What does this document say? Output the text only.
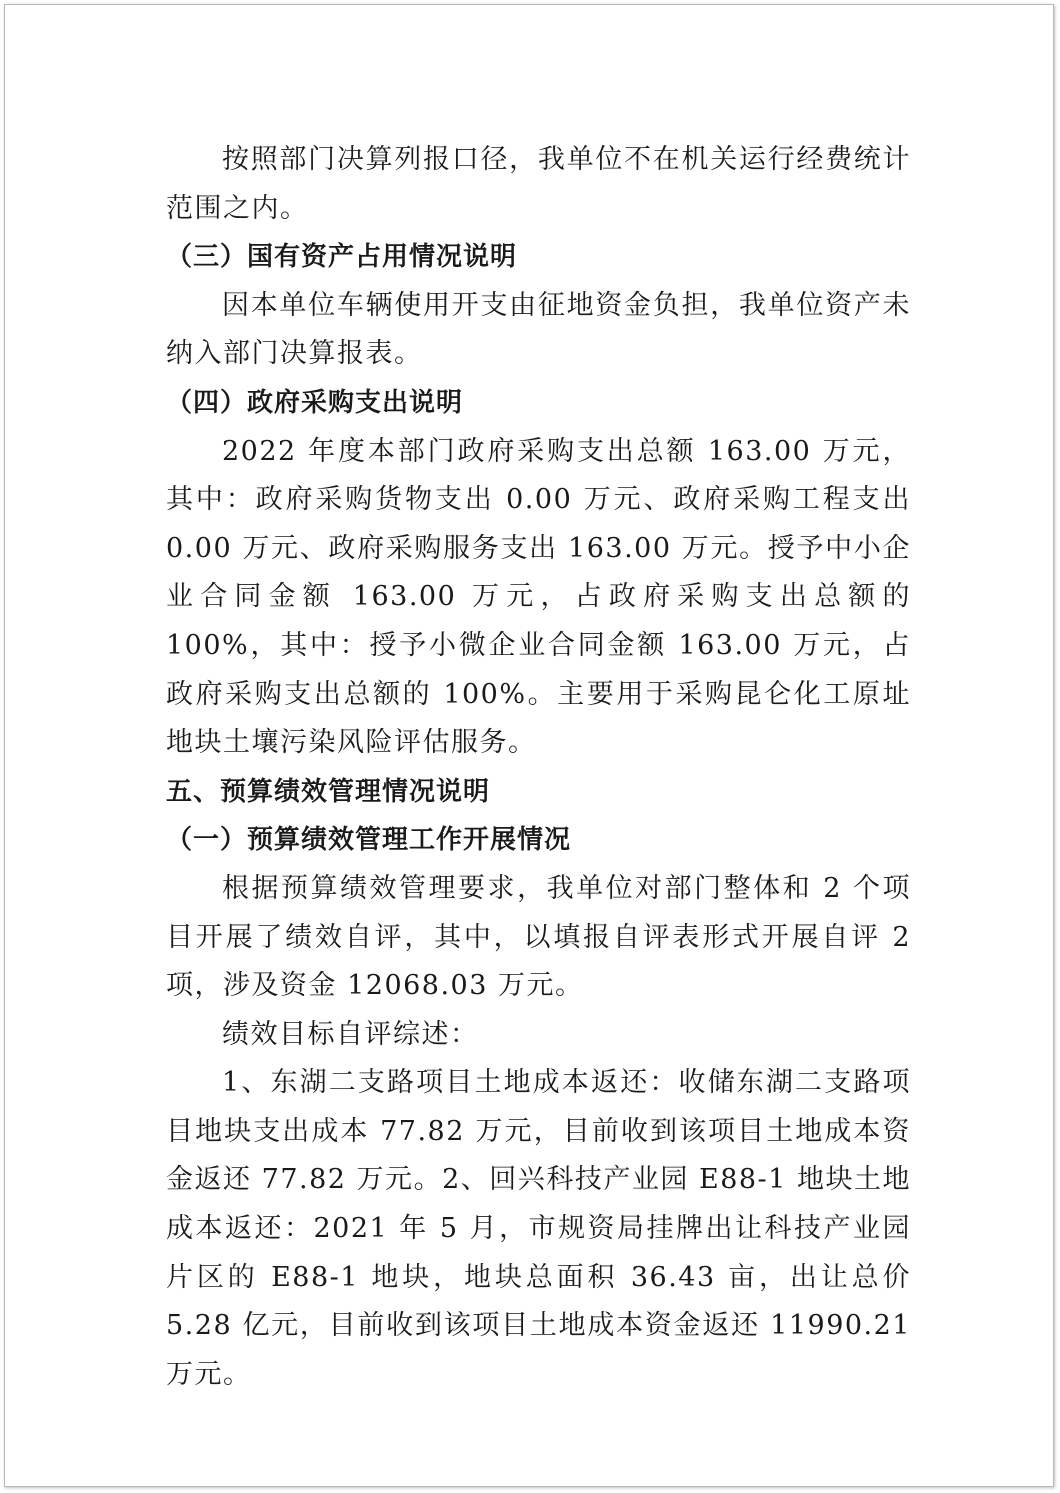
按照部门决算列报口径，我单位不在机关运行经费统计范围之内。

（三）国有资产占用情况说明

因本单位车辆使用开支由征地资金负担，我单位资产未纳入部门决算报表。

（四）政府采购支出说明

2022 年度本部门政府采购支出总额 163.00 万元，其中：政府采购货物支出 0.00 万元、政府采购工程支出 0.00 万元、政府采购服务支出 163.00 万元。授予中小企业合同金额 163.00 万元，占政府采购支出总额的 100%，其中：授予小微企业合同金额 163.00 万元，占政府采购支出总额的 100%。主要用于采购昆仑化工原址地块土壤污染风险评估服务。

五、预算绩效管理情况说明

（一）预算绩效管理工作开展情况

根据预算绩效管理要求，我单位对部门整体和 2 个项目开展了绩效自评，其中，以填报自评表形式开展自评 2 项，涉及资金 12068.03 万元。

绩效目标自评综述：

1、东湖二支路项目土地成本返还：收储东湖二支路项目地块支出成本 77.82 万元，目前收到该项目土地成本资金返还 77.82 万元。2、回兴科技产业园 E88-1 地块土地成本返还：2021 年 5 月，市规资局挂牌出让科技产业园片区的 E88-1 地块，地块总面积 36.43 亩，出让总价 5.28 亿元，目前收到该项目土地成本资金返还 11990.21 万元。
